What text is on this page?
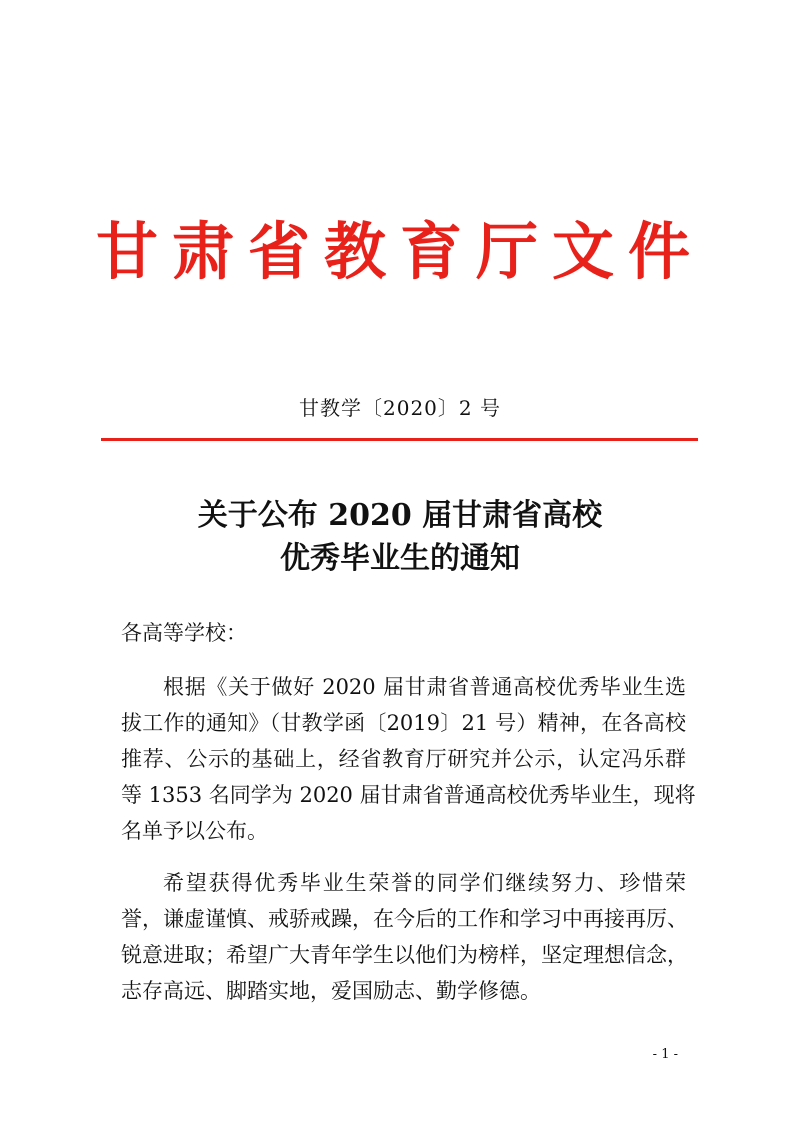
甘肃省教育厅文件
甘教学〔2020〕2 号
关于公布 2020 届甘肃省高校
优秀毕业生的通知
各高等学校：
根据《关于做好 2020 届甘肃省普通高校优秀毕业生选
拔工作的通知》（甘教学函〔2019〕21 号）精神，在各高校
推荐、公示的基础上，经省教育厅研究并公示，认定冯乐群
等 1353 名同学为 2020 届甘肃省普通高校优秀毕业生，现将
名单予以公布。
希望获得优秀毕业生荣誉的同学们继续努力、珍惜荣
誉，谦虚谨慎、戒骄戒躁，在今后的工作和学习中再接再厉、
锐意进取；希望广大青年学生以他们为榜样，坚定理想信念，
志存高远、脚踏实地，爱国励志、勤学修德。
- 1 -
